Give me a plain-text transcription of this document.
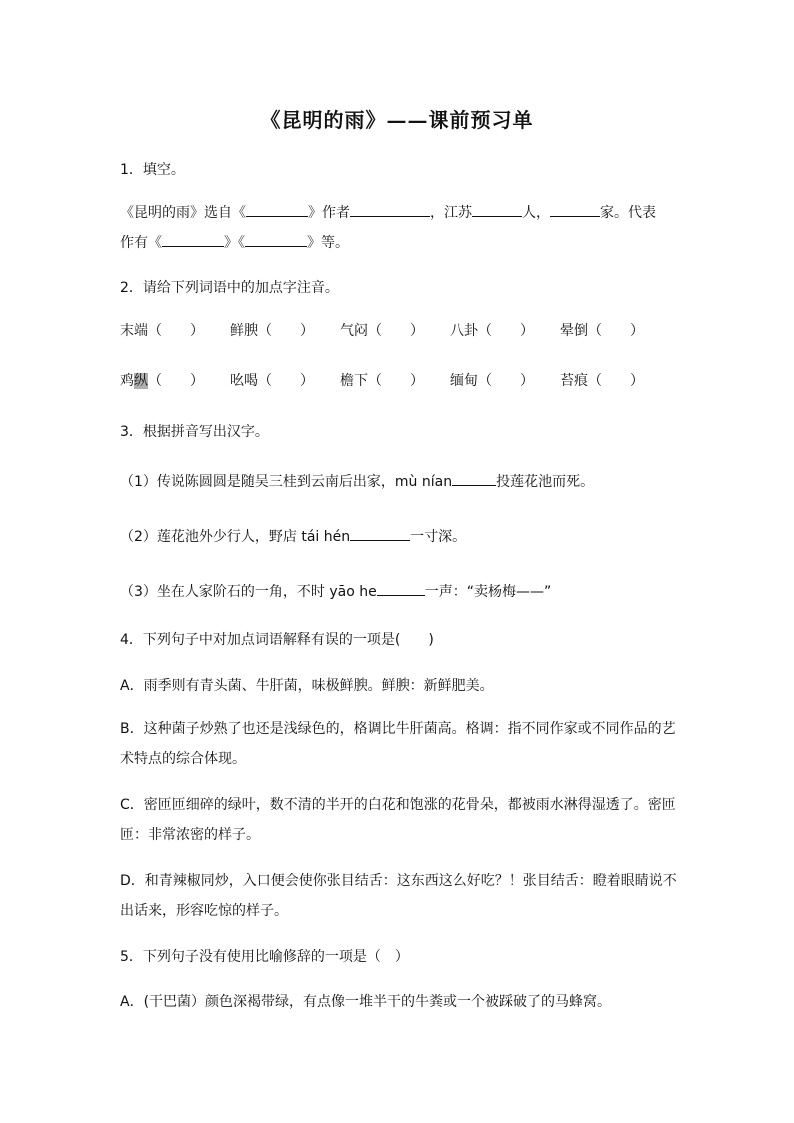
《昆明的雨》——课前预习单
1．填空。
《昆明的雨》选自《	》作者	，江苏	人，	家。代表
作有《	》《	》等。
2．请给下列词语中的加点字注音。
末端（　　） 鲜腴（　　） 气闷（　　） 八卦（　　） 晕倒（　　）
鸡纵（　　） 吆喝（　　） 檐下（　　） 缅甸（　　） 苔痕（　　）
3．根据拼音写出汉字。
（1）传说陈圆圆是随吴三桂到云南后出家，mù nían	投莲花池而死。
（2）莲花池外少行人，野店 tái hén	一寸深。
（3）坐在人家阶石的一角，不时 yāo he	一声：“卖杨梅——”
4．下列句子中对加点词语解释有误的一项是(　　)
A．雨季则有青头菌、牛肝菌，味极鲜腴。鲜腴：新鲜肥美。
B．这种菌子炒熟了也还是浅绿色的，格调比牛肝菌高。格调：指不同作家或不同作品的艺
术特点的综合体现。
C．密匝匝细碎的绿叶，数不清的半开的白花和饱涨的花骨朵，都被雨水淋得湿透了。密匝
匝：非常浓密的样子。
D．和青辣椒同炒，入口便会使你张目结舌：这东西这么好吃？！张目结舌：瞪着眼睛说不
出话来，形容吃惊的样子。
5．下列句子没有使用比喻修辞的一项是（　）
A．(干巴菌）颜色深褐带绿，有点像一堆半干的牛粪或一个被踩破了的马蜂窝。
